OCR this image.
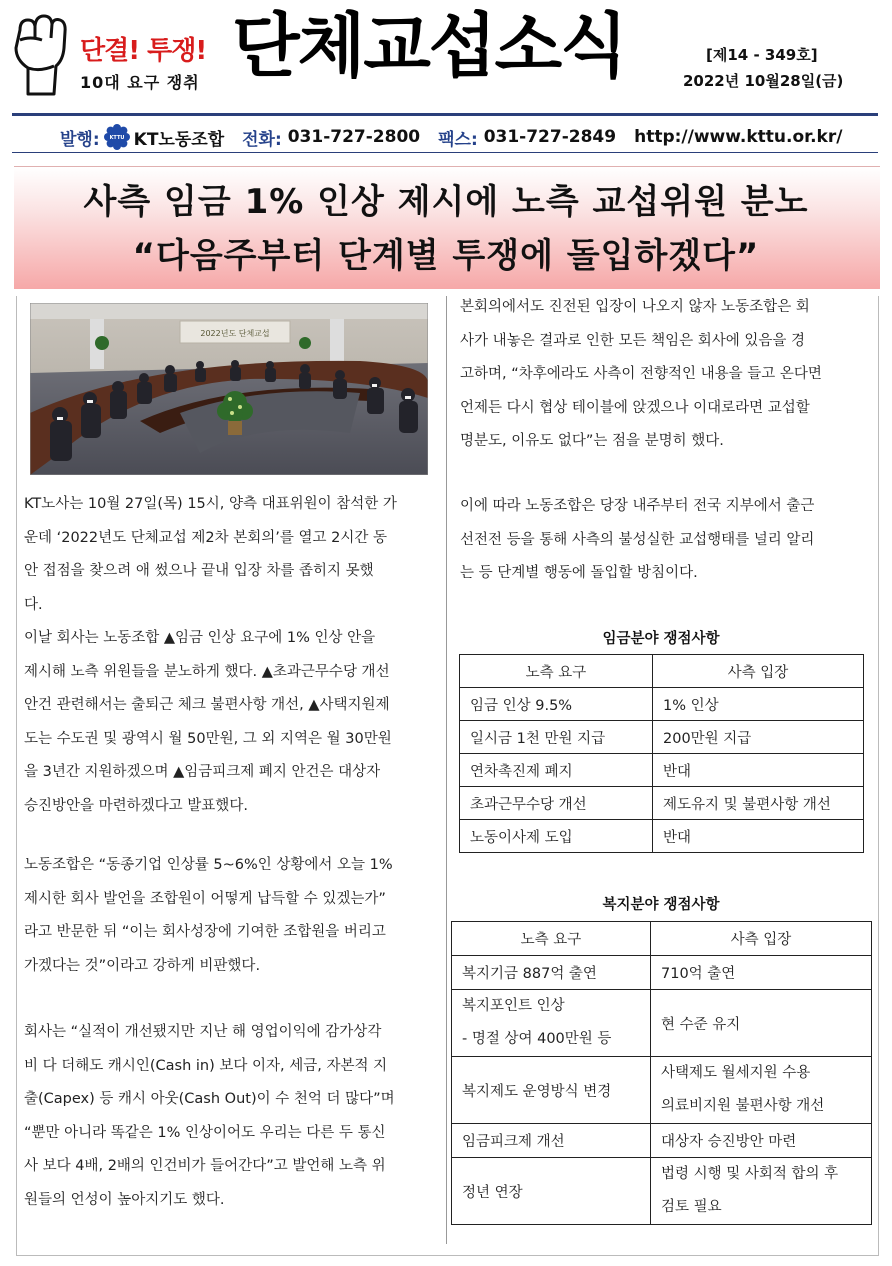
단결! 투쟁!
10대 요구 쟁취 단체교섭소식	[제14 - 349호]
2022년 10월28일(금)
발행: KTTU KT노동조합 전화:
031-727-2800 팩스:
031-727-2849 http://www.kttu.or.kr/
사측 임금 1% 인상 제시에 노측 교섭위원 분노
“다음주부터 단계별 투쟁에 돌입하겠다”
2022년도 단체교섭
KT노사는 10월 27일(목) 15시, 양측 대표위원이 참석한 가
운데 ‘2022년도 단체교섭 제2차 본회의’를 열고 2시간 동
안 접점을 찾으려 애 썼으나 끝내 입장 차를 좁히지 못했
다.
이날 회사는 노동조합 ▲임금 인상 요구에 1% 인상 안을
제시해 노측 위원들을 분노하게 했다. ▲초과근무수당 개선
안건 관련해서는 출퇴근 체크 불편사항 개선, ▲사택지원제
도는 수도권 및 광역시 월 50만원, 그 외 지역은 월 30만원
을 3년간 지원하겠으며 ▲임금피크제 폐지 안건은 대상자
승진방안을 마련하겠다고 발표했다.
노동조합은 “동종기업 인상률 5~6%인 상황에서 오늘 1%
제시한 회사 발언을 조합원이 어떻게 납득할 수 있겠는가”
라고 반문한 뒤 “이는 회사성장에 기여한 조합원을 버리고
가겠다는 것”이라고 강하게 비판했다.
회사는 “실적이 개선됐지만 지난 해 영업이익에 감가상각
비 다 더해도 캐시인(Cash in) 보다 이자, 세금, 자본적 지
출(Capex) 등 캐시 아웃(Cash Out)이 수 천억 더 많다”며
“뿐만 아니라 똑같은 1% 인상이어도 우리는 다른 두 통신
사 보다 4배, 2배의 인건비가 들어간다”고 발언해 노측 위
원들의 언성이 높아지기도 했다.
본회의에서도 진전된 입장이 나오지 않자 노동조합은 회
사가 내놓은 결과로 인한 모든 책임은 회사에 있음을 경
고하며, “차후에라도 사측이 전향적인 내용을 들고 온다면
언제든 다시 협상 테이블에 앉겠으나 이대로라면 교섭할
명분도, 이유도 없다”는 점을 분명히 했다.
이에 따라 노동조합은 당장 내주부터 전국 지부에서 출근
선전전 등을 통해 사측의 불성실한 교섭행태를 널리 알리
는 등 단계별 행동에 돌입할 방침이다.
임금분야 쟁점사항
노측 요구	사측 입장
임금 인상 9.5%	1% 인상
일시금 1천 만원 지급	200만원 지급
연차촉진제 폐지	반대
초과근무수당 개선	제도유지 및 불편사항 개선
노동이사제 도입	반대
복지분야 쟁점사항
노측 요구	사측 입장
복지기금 887억 출연	710억 출연

복지포인트 인상
- 명절 상여 400만원 등	현 수준 유지
복지제도 운영방식 변경	사택제도 월세지원 수용
의료비지원 불편사항 개선

임금피크제 개선	대상자 승진방안 마련
정년 연장	법령 시행 및 사회적 합의 후
검토 필요
